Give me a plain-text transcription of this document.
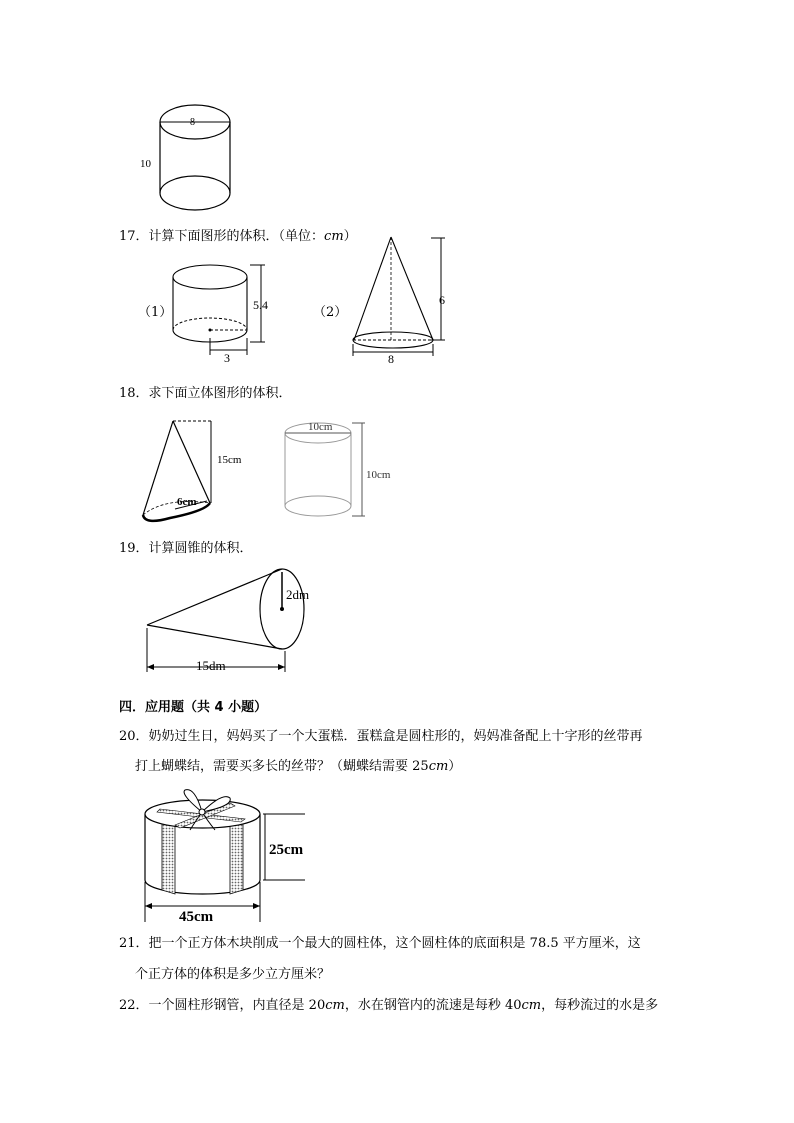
8
10
17．计算下面图形的体积．（单位：cm）
（1）	5.4
3
（2）
6
8
18．求下面立体图形的体积．
15cm
6cm
10cm
10cm
19．计算圆锥的体积．
2dm
15dm
四．应用题（共 4 小题）
20．奶奶过生日，妈妈买了一个大蛋糕．蛋糕盒是圆柱形的，妈妈准备配上十字形的丝带再
打上蝴蝶结，需要买多长的丝带？（蝴蝶结需要 25cm）
25cm
45cm
21．把一个正方体木块削成一个最大的圆柱体，这个圆柱体的底面积是 78.5 平方厘米，这
个正方体的体积是多少立方厘米？
22．一个圆柱形钢管，内直径是 20cm，水在钢管内的流速是每秒 40cm，每秒流过的水是多
